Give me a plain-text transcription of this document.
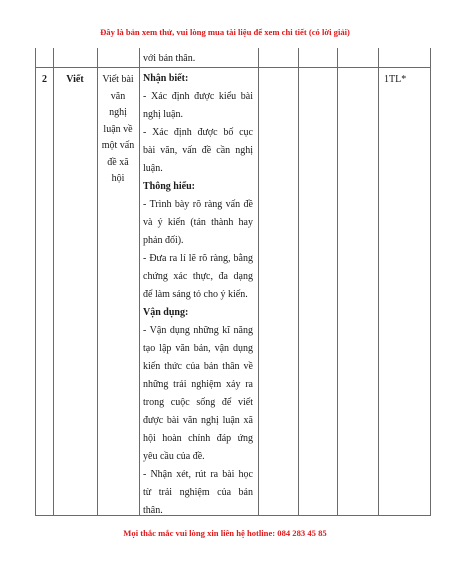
Đây là bản xem thử, vui lòng mua tài liệu để xem chi tiết (có lời giải)
với bản thân.
2	Viết	Viết bài
văn
nghị
luận về
một vấn
đề xã
hội
Nhận biết:
- Xác định được kiểu bài
nghị luận.
- Xác định được bố cục
bài văn, vấn đề cần nghị
luận.
Thông hiểu:
- Trình bày rõ ràng vấn đề
và ý kiến (tán thành hay
phản đối).
- Đưa ra lí lẽ rõ ràng, bằng
chứng xác thực, đa dạng
để làm sáng tỏ cho ý kiến.
Vận dụng:
- Vận dụng những kĩ năng
tạo lập văn bản, vận dụng
kiến thức của bản thân về
những trải nghiệm xảy ra
trong cuộc sống để viết
được bài văn nghị luận xã
hội hoàn chỉnh đáp ứng
yêu cầu của đề.
- Nhận xét, rút ra bài học
từ trải nghiệm của bản
thân.
1TL*
Mọi thắc mắc vui lòng xin liên hệ hotline: 084 283 45 85
